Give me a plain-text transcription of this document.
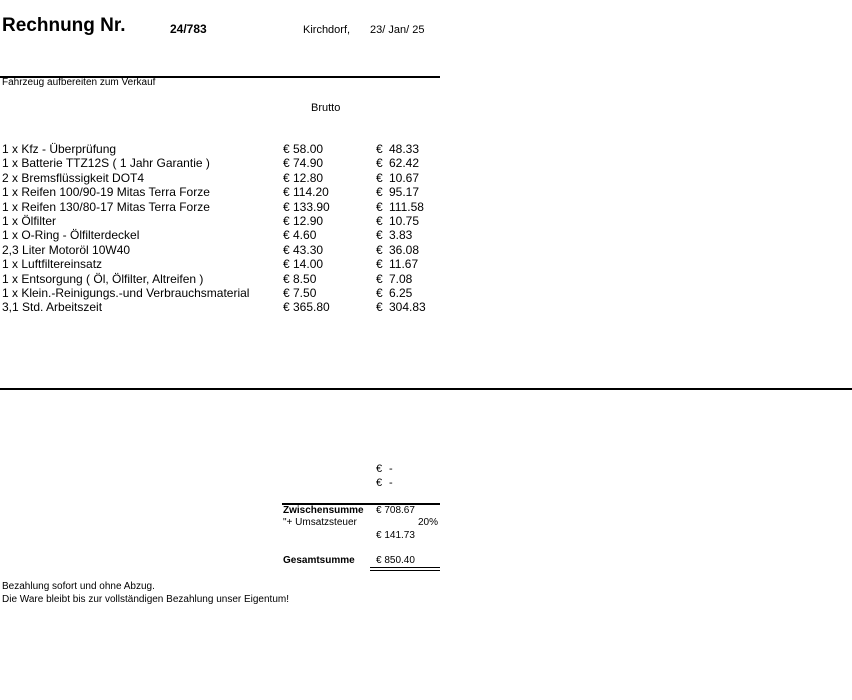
Rechnung Nr.	24/783	Kirchdorf, 23/ Jan/ 25
Fahrzeug aufbereiten zum Verkauf
Brutto
1 x Kfz - Überprüfung	€ 58.00	€ 48.33
1 x Batterie TTZ12S ( 1 Jahr Garantie )	€ 74.90	€ 62.42
2 x Bremsflüssigkeit DOT4	€ 12.80	€ 10.67
1 x Reifen 100/90-19 Mitas Terra Forze	€ 114.20	€ 95.17
1 x Reifen 130/80-17 Mitas Terra Forze	€ 133.90	€ 111.58
1 x Ölfilter	€ 12.90	€ 10.75
1 x O-Ring - Ölfilterdeckel	€ 4.60	€ 3.83
2,3 Liter Motoröl 10W40	€ 43.30	€ 36.08
1 x Luftfiltereinsatz	€ 14.00	€ 11.67
1 x Entsorgung ( Öl, Ölfilter, Altreifen )	€ 8.50	€ 7.08
1 x Klein.-Reinigungs.-und Verbrauchsmaterial	€ 7.50	€ 6.25
3,1 Std. Arbeitszeit	€ 365.80	€ 304.83
€ -
€ -
Zwischensumme € 708.67
"+ Umsatzsteuer	20%
€ 141.73
Gesamtsumme € 850.40
Bezahlung sofort und ohne Abzug.
Die Ware bleibt bis zur vollständigen Bezahlung unser Eigentum!
